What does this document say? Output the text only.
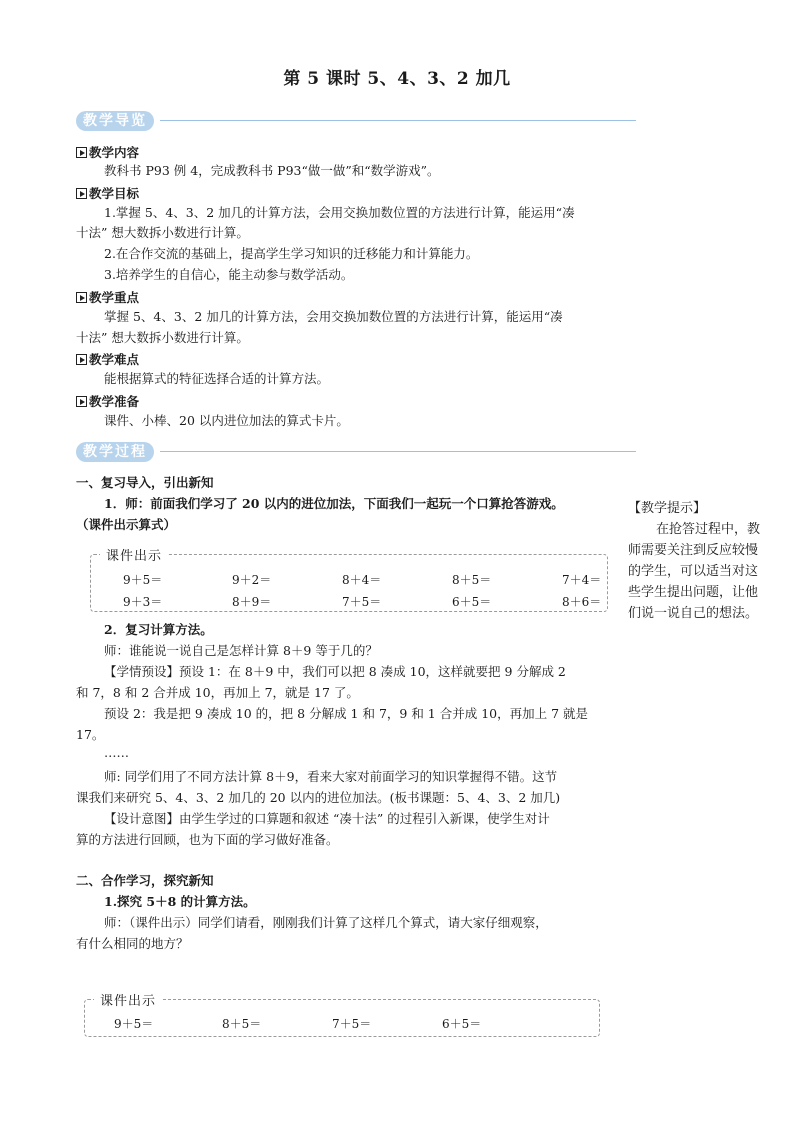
第 5 课时 5、4、3、2 加几
教学导览
教学内容
教科书 P93 例 4，完成教科书 P93“做一做”和“数学游戏”。
教学目标
1.掌握 5、4、3、2 加几的计算方法，会用交换加数位置的方法进行计算，能运用“凑
十法” 想大数拆小数进行计算。
2.在合作交流的基础上，提高学生学习知识的迁移能力和计算能力。
3.培养学生的自信心，能主动参与数学活动。
教学重点
掌握 5、4、3、2 加几的计算方法，会用交换加数位置的方法进行计算，能运用“凑
十法” 想大数拆小数进行计算。
教学难点
能根据算式的特征选择合适的计算方法。
教学准备
课件、小棒、20 以内进位加法的算式卡片。
教学过程
一、复习导入，引出新知
1．师：前面我们学习了 20 以内的进位加法，下面我们一起玩一个口算抢答游戏。
（课件出示算式）
课件出示
9＋5＝	9＋2＝	8＋4＝	8＋5＝	7＋4＝
9＋3＝	8＋9＝	7＋5＝	6＋5＝	8＋6＝
2．复习计算方法。
师：谁能说一说自己是怎样计算 8＋9 等于几的？
【学情预设】预设 1：在 8＋9 中，我们可以把 8 凑成 10，这样就要把 9 分解成 2
和 7，8 和 2 合并成 10，再加上 7，就是 17 了。
预设 2：我是把 9 凑成 10 的，把 8 分解成 1 和 7，9 和 1 合并成 10，再加上 7 就是
17。
……
师: 同学们用了不同方法计算 8＋9，看来大家对前面学习的知识掌握得不错。这节
课我们来研究 5、4、3、2 加几的 20 以内的进位加法。(板书课题：5、4、3、2 加几)
【设计意图】由学生学过的口算题和叙述 “凑十法” 的过程引入新课，使学生对计
算的方法进行回顾，也为下面的学习做好准备。
二、合作学习，探究新知
1.探究 5＋8 的计算方法。
师：（课件出示）同学们请看，刚刚我们计算了这样几个算式，请大家仔细观察，
有什么相同的地方？
课件出示
9＋5＝	8＋5＝	7＋5＝	6＋5＝
【教学提示】
在抢答过程中，教
师需要关注到反应较慢
的学生，可以适当对这
些学生提出问题，让他
们说一说自己的想法。
